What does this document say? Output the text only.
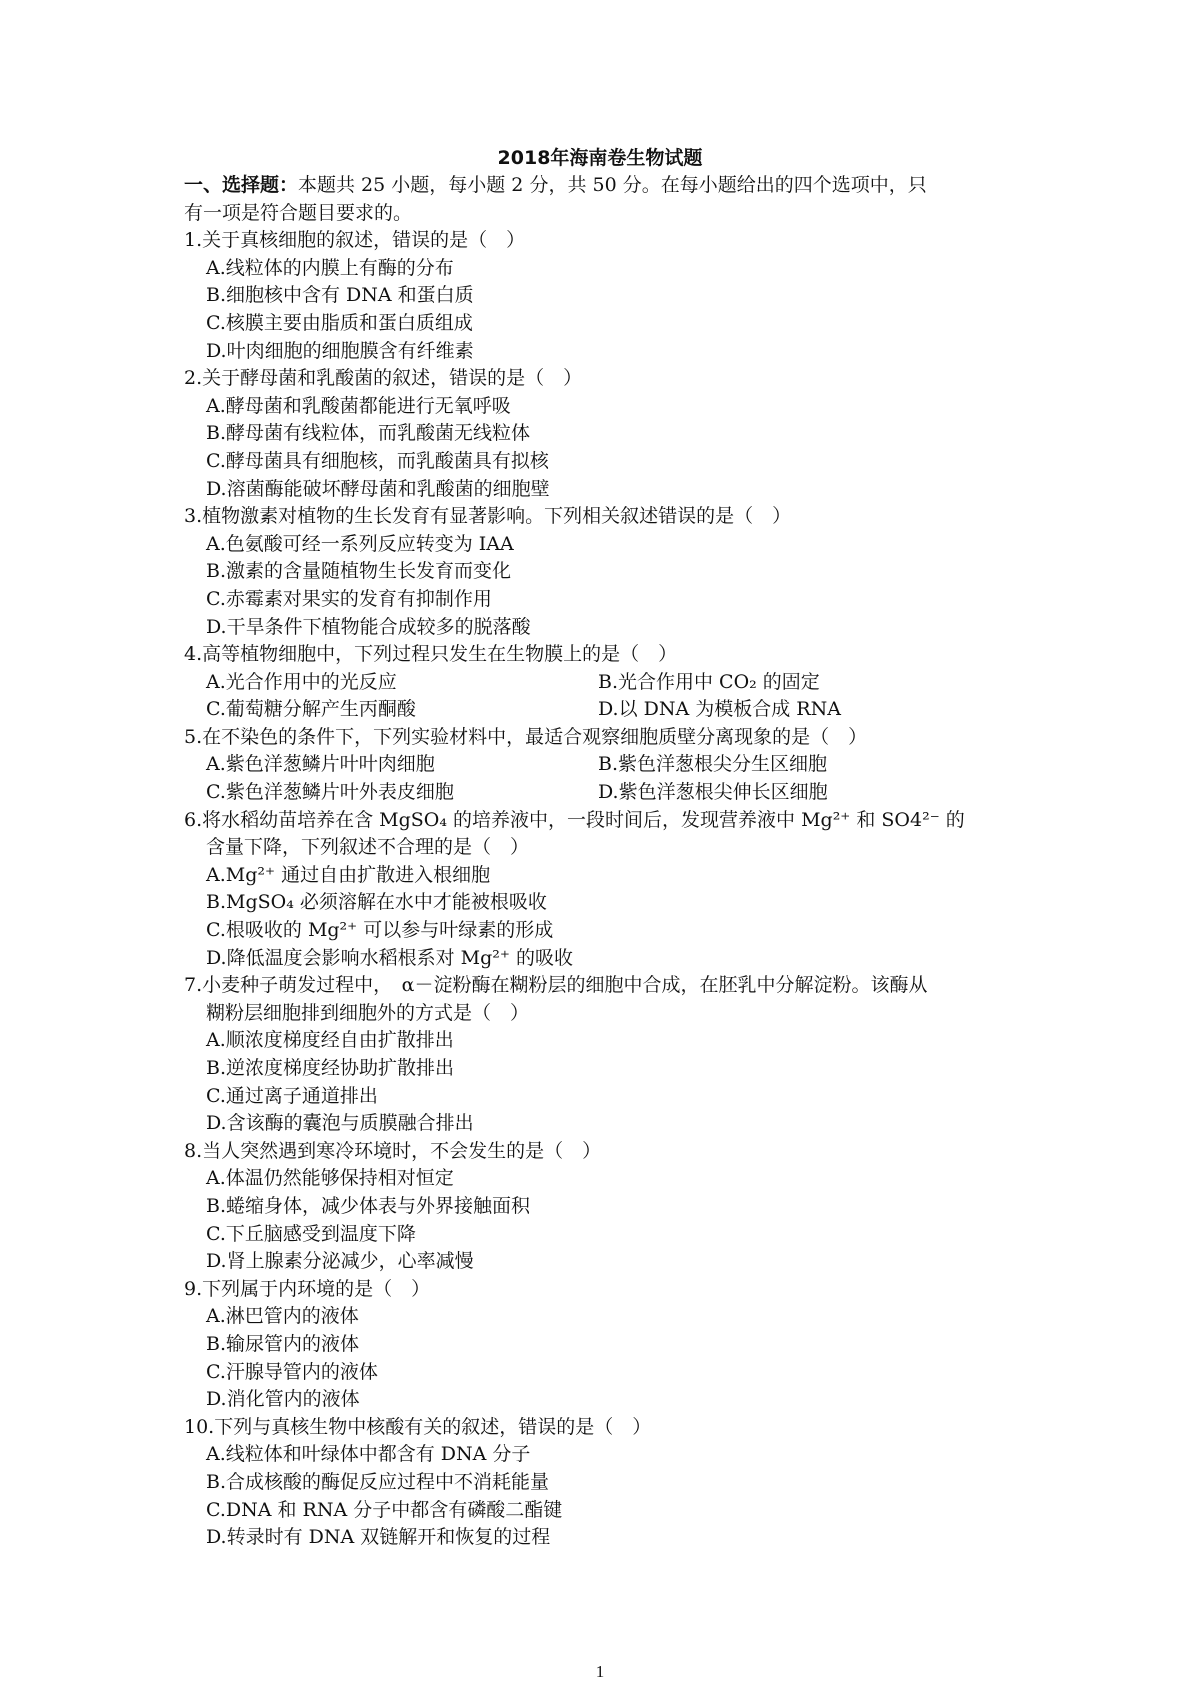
2018年海南卷生物试题
一、选择题：本题共 25 小题，每小题 2 分，共 50 分。在每小题给出的四个选项中，只
有一项是符合题目要求的。
1.关于真核细胞的叙述，错误的是（　）
A.线粒体的内膜上有酶的分布
B.细胞核中含有 DNA 和蛋白质
C.核膜主要由脂质和蛋白质组成
D.叶肉细胞的细胞膜含有纤维素
2.关于酵母菌和乳酸菌的叙述，错误的是（　）
A.酵母菌和乳酸菌都能进行无氧呼吸
B.酵母菌有线粒体，而乳酸菌无线粒体
C.酵母菌具有细胞核，而乳酸菌具有拟核
D.溶菌酶能破坏酵母菌和乳酸菌的细胞壁
3.植物激素对植物的生长发育有显著影响。下列相关叙述错误的是（　）
A.色氨酸可经一系列反应转变为 IAA
B.激素的含量随植物生长发育而变化
C.赤霉素对果实的发育有抑制作用
D.干旱条件下植物能合成较多的脱落酸
4.高等植物细胞中，下列过程只发生在生物膜上的是（　）
A.光合作用中的光反应	B.光合作用中 CO₂ 的固定
C.葡萄糖分解产生丙酮酸	D.以 DNA 为模板合成 RNA
5.在不染色的条件下，下列实验材料中，最适合观察细胞质壁分离现象的是（　）
A.紫色洋葱鳞片叶叶肉细胞	B.紫色洋葱根尖分生区细胞
C.紫色洋葱鳞片叶外表皮细胞	D.紫色洋葱根尖伸长区细胞
6.将水稻幼苗培养在含 MgSO₄ 的培养液中，一段时间后，发现营养液中 Mg²⁺ 和 SO4²⁻ 的
含量下降，下列叙述不合理的是（　）
A.Mg²⁺ 通过自由扩散进入根细胞
B.MgSO₄ 必须溶解在水中才能被根吸收
C.根吸收的 Mg²⁺ 可以参与叶绿素的形成
D.降低温度会影响水稻根系对 Mg²⁺ 的吸收
7.小麦种子萌发过程中，　α－淀粉酶在糊粉层的细胞中合成，在胚乳中分解淀粉。该酶从
糊粉层细胞排到细胞外的方式是（　）
A.顺浓度梯度经自由扩散排出
B.逆浓度梯度经协助扩散排出
C.通过离子通道排出
D.含该酶的囊泡与质膜融合排出
8.当人突然遇到寒冷环境时，不会发生的是（　）
A.体温仍然能够保持相对恒定
B.蜷缩身体，减少体表与外界接触面积
C.下丘脑感受到温度下降
D.肾上腺素分泌减少，心率减慢
9.下列属于内环境的是（　）
A.淋巴管内的液体
B.输尿管内的液体
C.汗腺导管内的液体
D.消化管内的液体
10.下列与真核生物中核酸有关的叙述，错误的是（　）
A.线粒体和叶绿体中都含有 DNA 分子
B.合成核酸的酶促反应过程中不消耗能量
C.DNA 和 RNA 分子中都含有磷酸二酯键
D.转录时有 DNA 双链解开和恢复的过程
1
